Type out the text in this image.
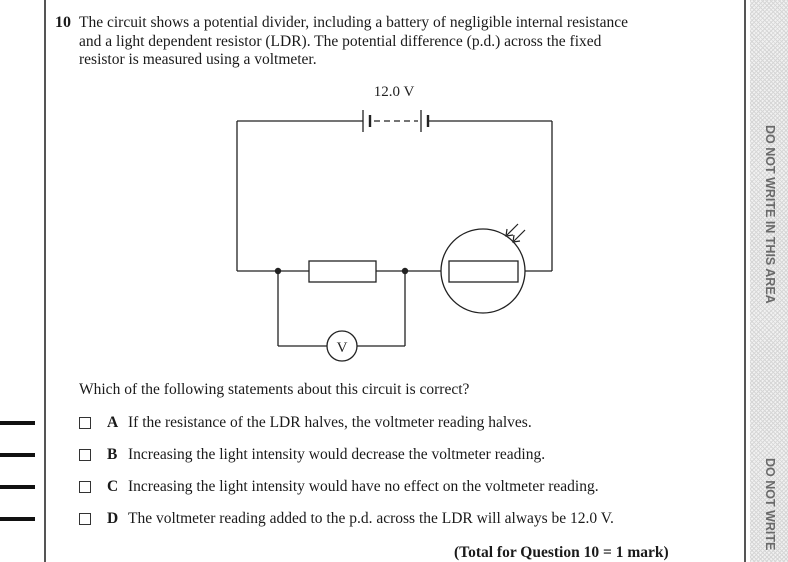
DO NOT WRITE IN THIS AREA
DO NOT WRITE
10 The circuit shows a potential divider, including a battery of negligible internal resistance
and a light dependent resistor (LDR). The potential difference (p.d.) across the fixed
resistor is measured using a voltmeter.
12.0 V
V
Which of the following statements about this circuit is correct?
A If the resistance of the LDR halves, the voltmeter reading halves.
B Increasing the light intensity would decrease the voltmeter reading.
C Increasing the light intensity would have no effect on the voltmeter reading.
D The voltmeter reading added to the p.d. across the LDR will always be 12.0 V.
(Total for Question 10 = 1 mark)
